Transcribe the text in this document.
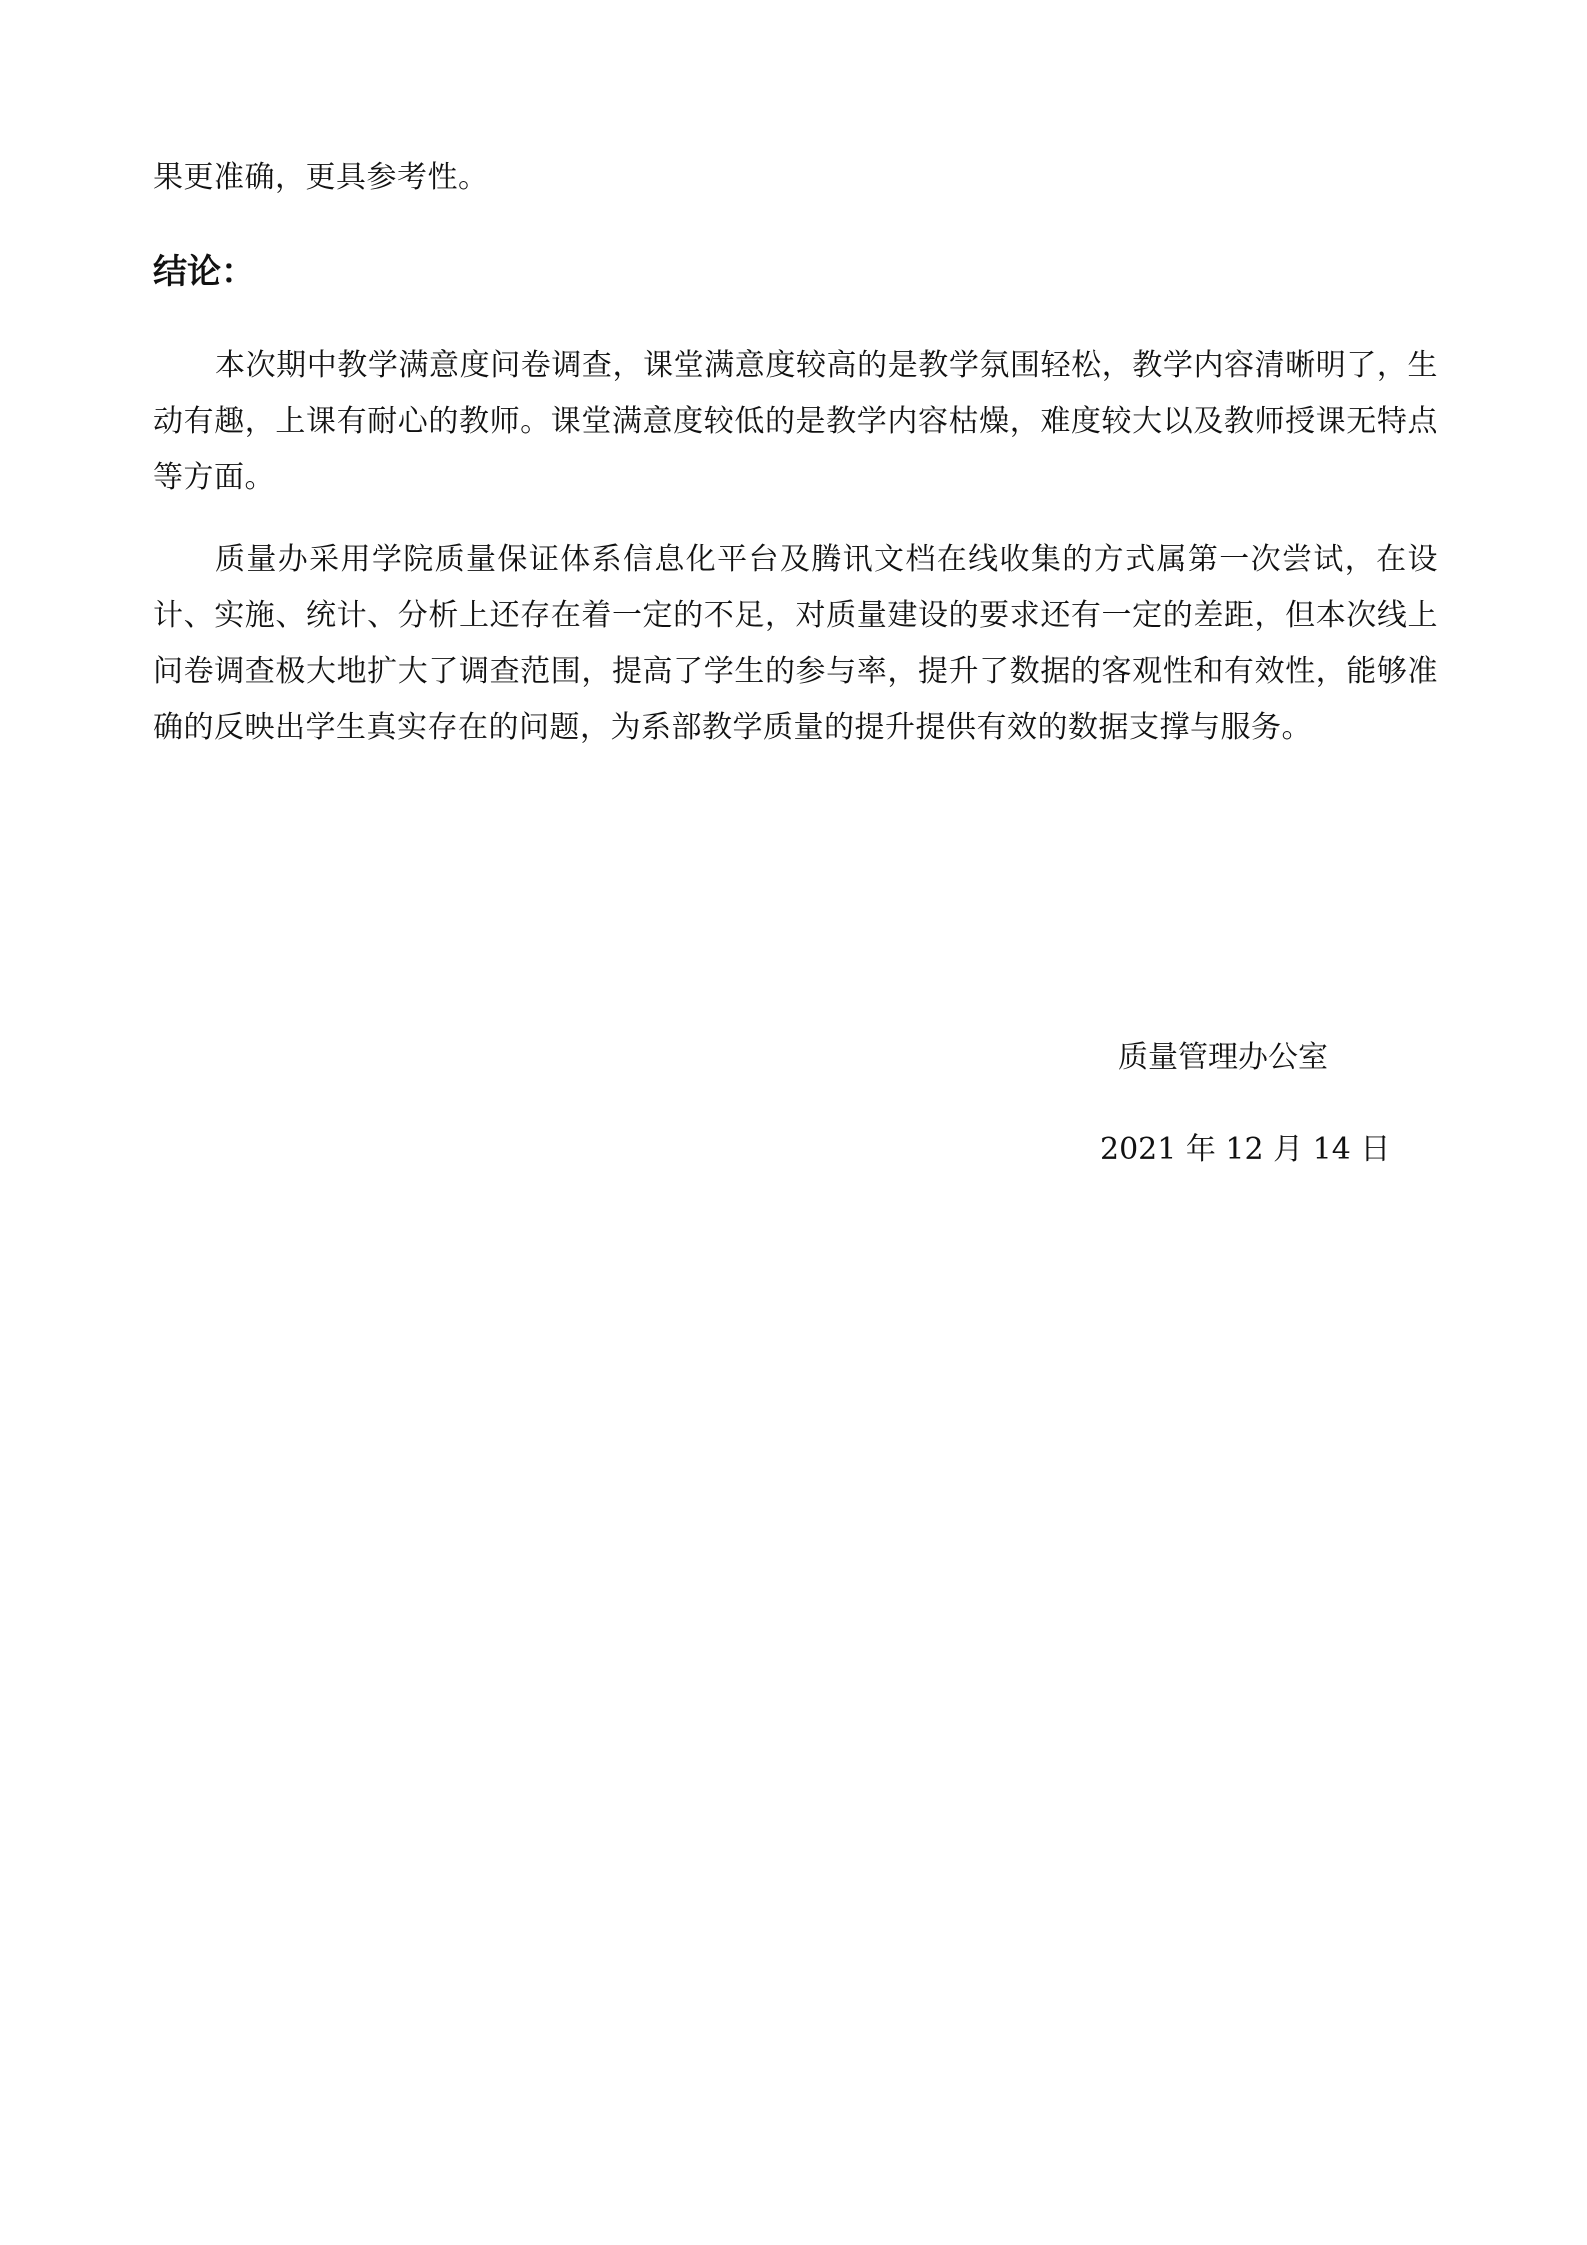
果更准确，更具参考性。

结论：

本次期中教学满意度问卷调查，课堂满意度较高的是教学氛围轻松，教学内容清晰明了，生动有趣，上课有耐心的教师。课堂满意度较低的是教学内容枯燥，难度较大以及教师授课无特点等方面。

质量办采用学院质量保证体系信息化平台及腾讯文档在线收集的方式属第一次尝试，在设计、实施、统计、分析上还存在着一定的不足，对质量建设的要求还有一定的差距，但本次线上问卷调查极大地扩大了调查范围，提高了学生的参与率，提升了数据的客观性和有效性，能够准确的反映出学生真实存在的问题，为系部教学质量的提升提供有效的数据支撑与服务。

质量管理办公室
2021 年 12 月 14 日
